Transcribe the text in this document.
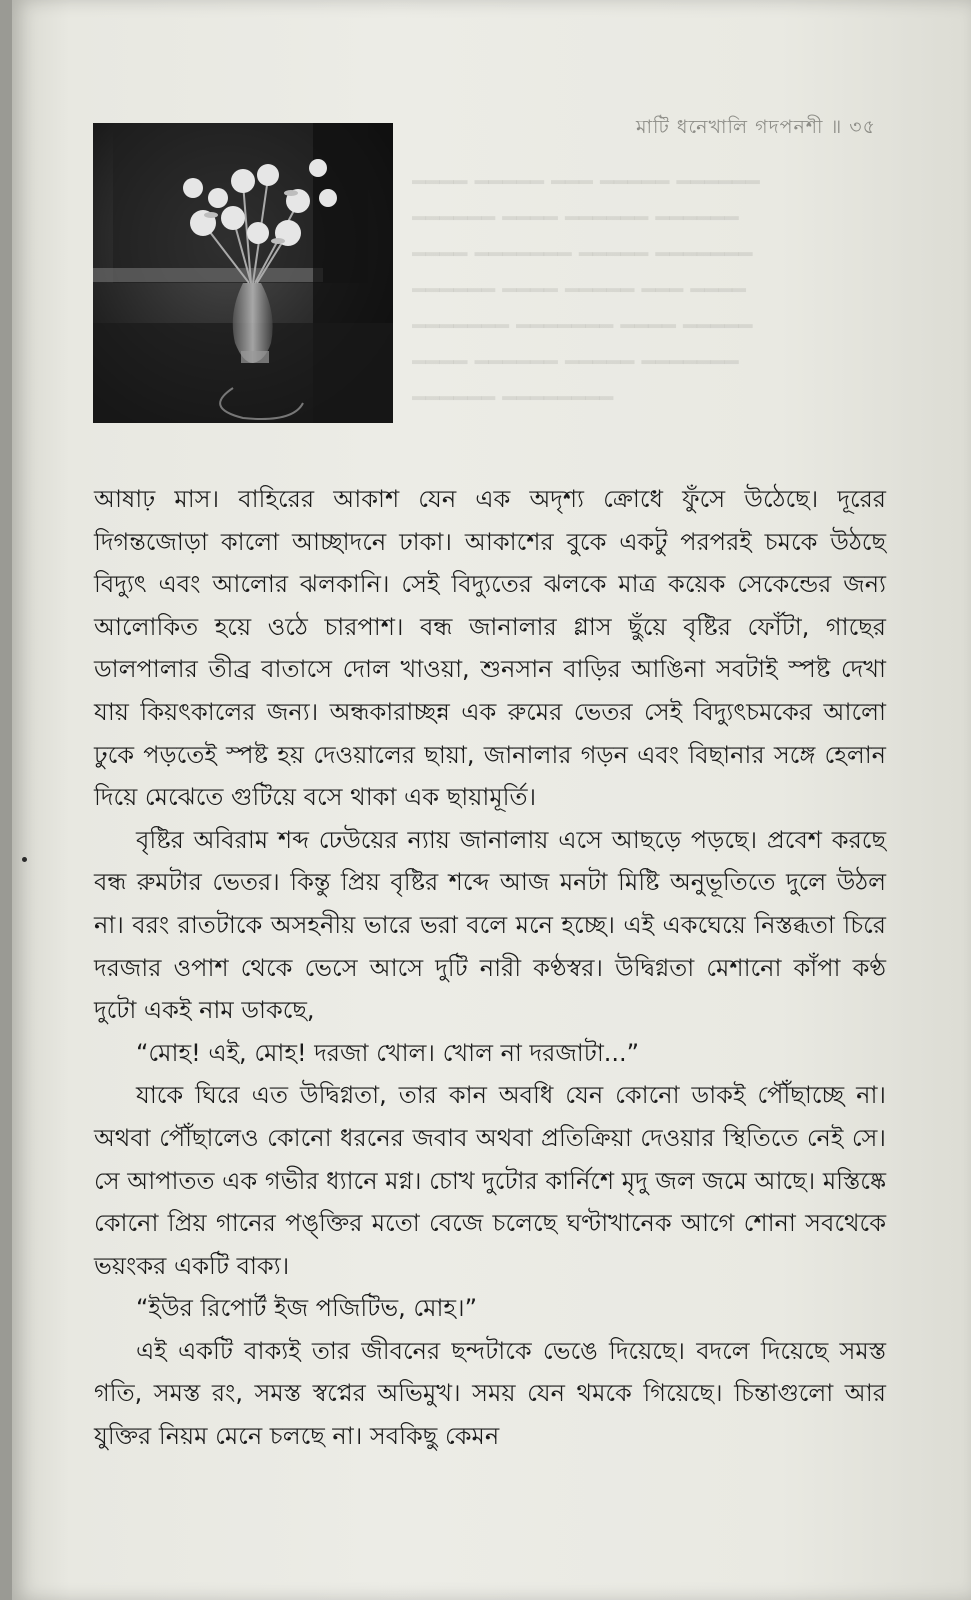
মাটি ধনেখালি গদপনশী ॥ ৩৫
━━━━ ━━━━━ ━━━ ━━━━━ ━━━━━━
━━━━━━ ━━━━ ━━━━━━ ━━━━━━
━━━━ ━━━━━━━ ━━━━━ ━━━━━━━
━━━━━━ ━━━━ ━━━━━ ━━━ ━━━━
━━━━━━━ ━━━━━━━ ━━━━ ━━━━━
━━━━ ━━━━━━ ━━━━━ ━━━━━━━
━━━━━━ ━━━━━━━━

আষাঢ় মাস। বাহিরের আকাশ যেন এক অদৃশ্য ক্রোধে ফুঁসে উঠেছে। দূরের দিগন্তজোড়া কালো আচ্ছাদনে ঢাকা। আকাশের বুকে একটু পরপরই চমকে উঠছে বিদ্যুৎ এবং আলোর ঝলকানি। সেই বিদ্যুতের ঝলকে মাত্র কয়েক সেকেন্ডের জন্য আলোকিত হয়ে ওঠে চারপাশ। বন্ধ জানালার গ্লাস ছুঁয়ে বৃষ্টির ফোঁটা, গাছের ডালপালার তীব্র বাতাসে দোল খাওয়া, শুনসান বাড়ির আঙিনা সবটাই স্পষ্ট দেখা যায় কিয়ৎকালের জন্য। অন্ধকারাচ্ছন্ন এক রুমের ভেতর সেই বিদ্যুৎচমকের আলো ঢুকে পড়তেই স্পষ্ট হয় দেওয়ালের ছায়া, জানালার গড়ন এবং বিছানার সঙ্গে হেলান দিয়ে মেঝেতে গুটিয়ে বসে থাকা এক ছায়ামূর্তি।

বৃষ্টির অবিরাম শব্দ ঢেউয়ের ন্যায় জানালায় এসে আছড়ে পড়ছে। প্রবেশ করছে বন্ধ রুমটার ভেতর। কিন্তু প্রিয় বৃষ্টির শব্দে আজ মনটা মিষ্টি অনুভূতিতে দুলে উঠল না। বরং রাতটাকে অসহনীয় ভারে ভরা বলে মনে হচ্ছে। এই একঘেয়ে নিস্তব্ধতা চিরে দরজার ওপাশ থেকে ভেসে আসে দুটি নারী কণ্ঠস্বর। উদ্বিগ্নতা মেশানো কাঁপা কণ্ঠ দুটো একই নাম ডাকছে,

“মোহ! এই, মোহ! দরজা খোল। খোল না দরজাটা...”

যাকে ঘিরে এত উদ্বিগ্নতা, তার কান অবধি যেন কোনো ডাকই পৌঁছাচ্ছে না। অথবা পৌঁছালেও কোনো ধরনের জবাব অথবা প্রতিক্রিয়া দেওয়ার স্থিতিতে নেই সে। সে আপাতত এক গভীর ধ্যানে মগ্ন। চোখ দুটোর কার্নিশে মৃদু জল জমে আছে। মস্তিষ্কে কোনো প্রিয় গানের পঙ্‌ক্তির মতো বেজে চলেছে ঘণ্টাখানেক আগে শোনা সবথেকে ভয়ংকর একটি বাক্য।

“ইউর রিপোর্ট ইজ পজিটিভ, মোহ।”

এই একটি বাক্যই তার জীবনের ছন্দটাকে ভেঙে দিয়েছে। বদলে দিয়েছে সমস্ত গতি, সমস্ত রং, সমস্ত স্বপ্নের অভিমুখ। সময় যেন থমকে গিয়েছে। চিন্তাগুলো আর যুক্তির নিয়ম মেনে চলছে না। সবকিছু কেমন
